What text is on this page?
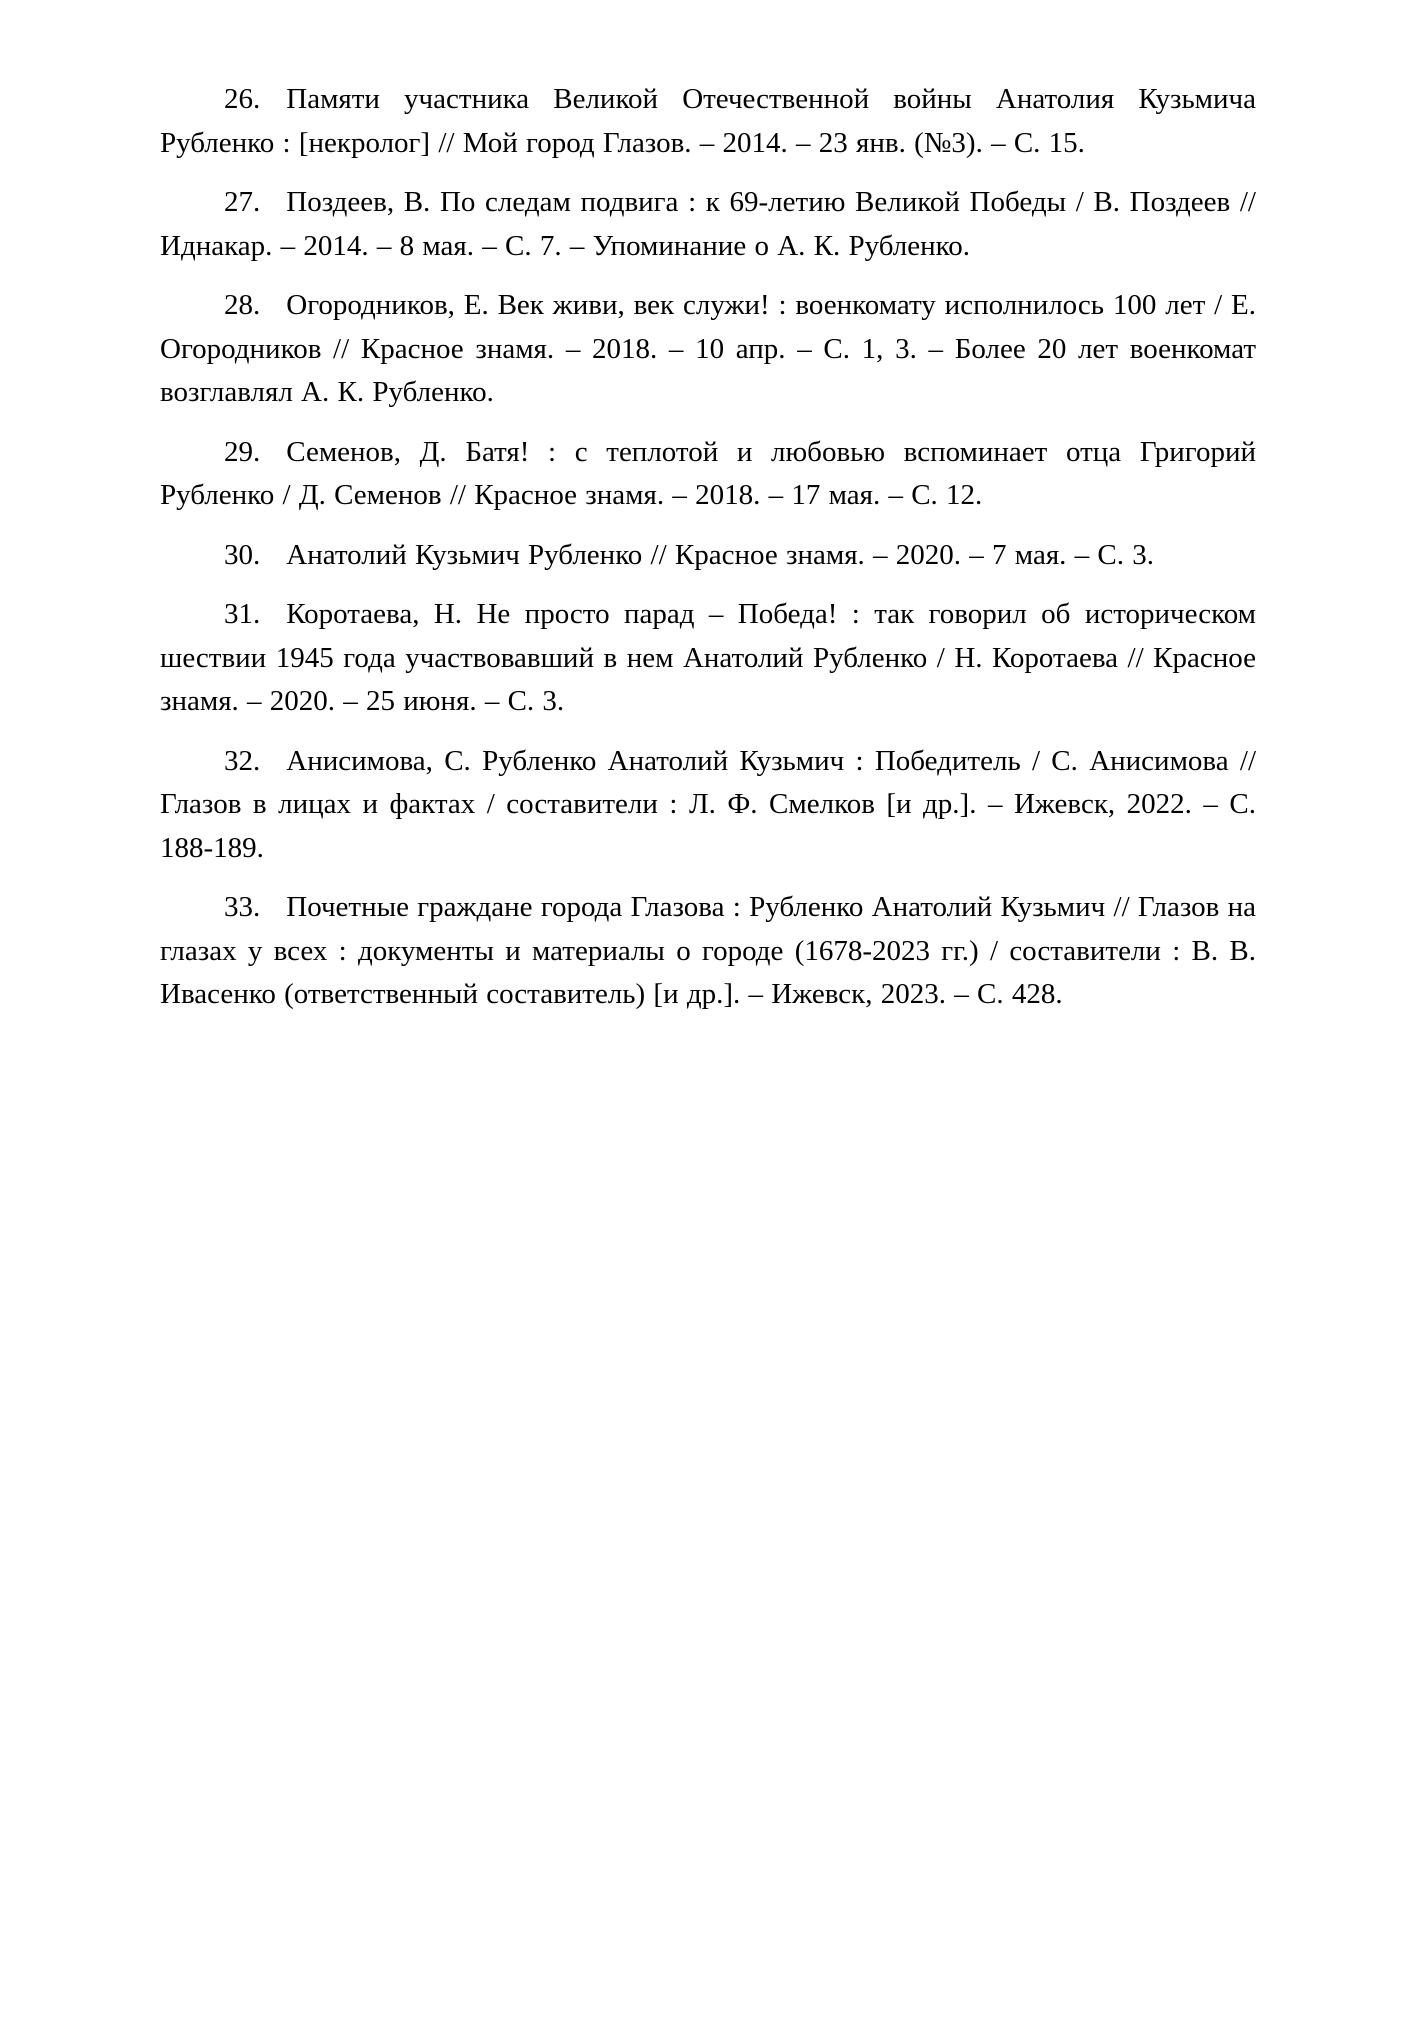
26. Памяти участника Великой Отечественной войны Анатолия Кузьмича Рубленко : [некролог] // Мой город Глазов. – 2014. – 23 янв. (№3). – С. 15.

27. Поздеев, В. По следам подвига : к 69-летию Великой Победы / В. Поздеев // Иднакар. – 2014. – 8 мая. – С. 7. – Упоминание о А. К. Рубленко.

28. Огородников, Е. Век живи, век служи! : военкомату исполнилось 100 лет / Е. Огородников // Красное знамя. – 2018. – 10 апр. – С. 1, 3. – Более 20 лет военкомат возглавлял А. К. Рубленко.

29. Семенов, Д. Батя! : с теплотой и любовью вспоминает отца Григорий Рубленко / Д. Семенов // Красное знамя. – 2018. – 17 мая. – С. 12.

30. Анатолий Кузьмич Рубленко // Красное знамя. – 2020. – 7 мая. – С. 3.

31. Коротаева, Н. Не просто парад – Победа! : так говорил об историческом шествии 1945 года участвовавший в нем Анатолий Рубленко / Н. Коротаева // Красное знамя. – 2020. – 25 июня. – С. 3.

32. Анисимова, С. Рубленко Анатолий Кузьмич : Победитель / С. Анисимова // Глазов в лицах и фактах / составители : Л. Ф. Смелков [и др.]. – Ижевск, 2022. – С. 188-189.

33. Почетные граждане города Глазова : Рубленко Анатолий Кузьмич // Глазов на глазах у всех : документы и материалы о городе (1678-2023 гг.) / составители : В. В. Ивасенко (ответственный составитель) [и др.]. – Ижевск, 2023. – С. 428.
